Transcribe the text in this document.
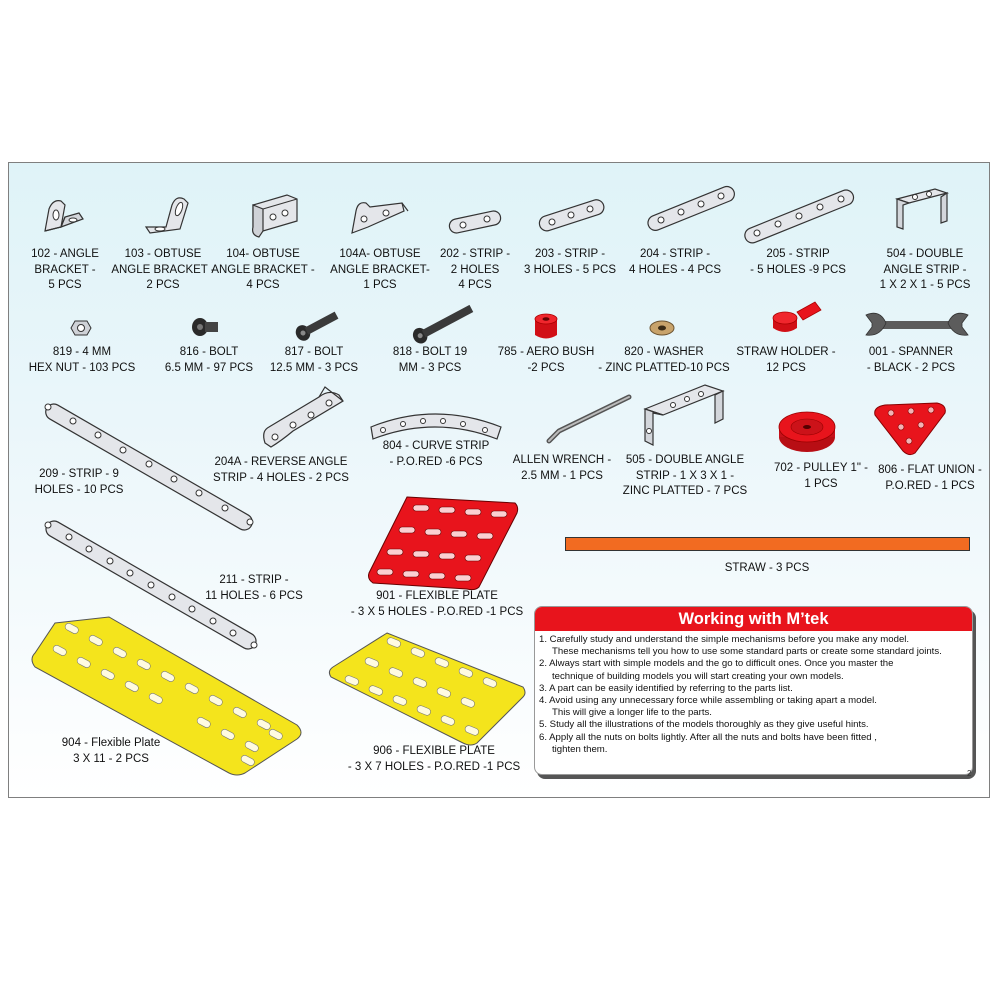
102 - ANGLE
BRACKET -
5 PCS
103 - OBTUSE
ANGLE BRACKET -
2 PCS
104- OBTUSE
ANGLE BRACKET -
4 PCS
104A- OBTUSE
ANGLE BRACKET-
1 PCS
202 - STRIP -
2 HOLES
4 PCS
203 - STRIP -
3 HOLES - 5 PCS
204 - STRIP -
4 HOLES - 4 PCS
205 - STRIP
- 5 HOLES -9 PCS
504 - DOUBLE
ANGLE STRIP -
1 X 2 X 1 - 5 PCS
819 - 4 MM
HEX NUT - 103 PCS
816 - BOLT
6.5 MM - 97 PCS
817 - BOLT
12.5 MM - 3 PCS
818 - BOLT 19
MM - 3 PCS
785 - AERO BUSH
-2 PCS
820 - WASHER
- ZINC PLATTED-10 PCS
STRAW HOLDER -
12 PCS
001 - SPANNER
- BLACK - 2 PCS
209 - STRIP - 9
HOLES - 10 PCS
204A - REVERSE ANGLE
STRIP - 4 HOLES - 2 PCS
804 - CURVE STRIP
- P.O.RED -6 PCS	ALLEN WRENCH -
2.5 MM - 1 PCS
505 - DOUBLE ANGLE
STRIP - 1 X 3 X 1 -
ZINC PLATTED - 7 PCS
702 - PULLEY 1" -
1 PCS
806 - FLAT UNION -
P.O.RED - 1 PCS
211 - STRIP -
11 HOLES - 6 PCS	901 - FLEXIBLE PLATE
- 3 X 5 HOLES - P.O.RED -1 PCS
STRAW - 3 PCS
904 - Flexible Plate
3 X 11 - 2 PCS
906 - FLEXIBLE PLATE
- 3 X 7 HOLES - P.O.RED -1 PCS
Working with M’tek
1. Carefully study and understand the simple mechanisms before you make any model.
These mechanisms tell you how to use some standard parts or create some standard joints.
2. Always start with simple models and the go to difficult ones. Once you master the
technique of building models you will start creating your own models.
3. A part can be easily identified by referring to the parts list.
4. Avoid using any unnecessary force while assembling or taking apart a model.
This will give a longer life to the parts.
5. Study all the illustrations of the models thoroughly as they give useful hints.
6. Apply all the nuts on bolts lightly. After all the nuts and bolts have been fitted ,
tighten them.
2
